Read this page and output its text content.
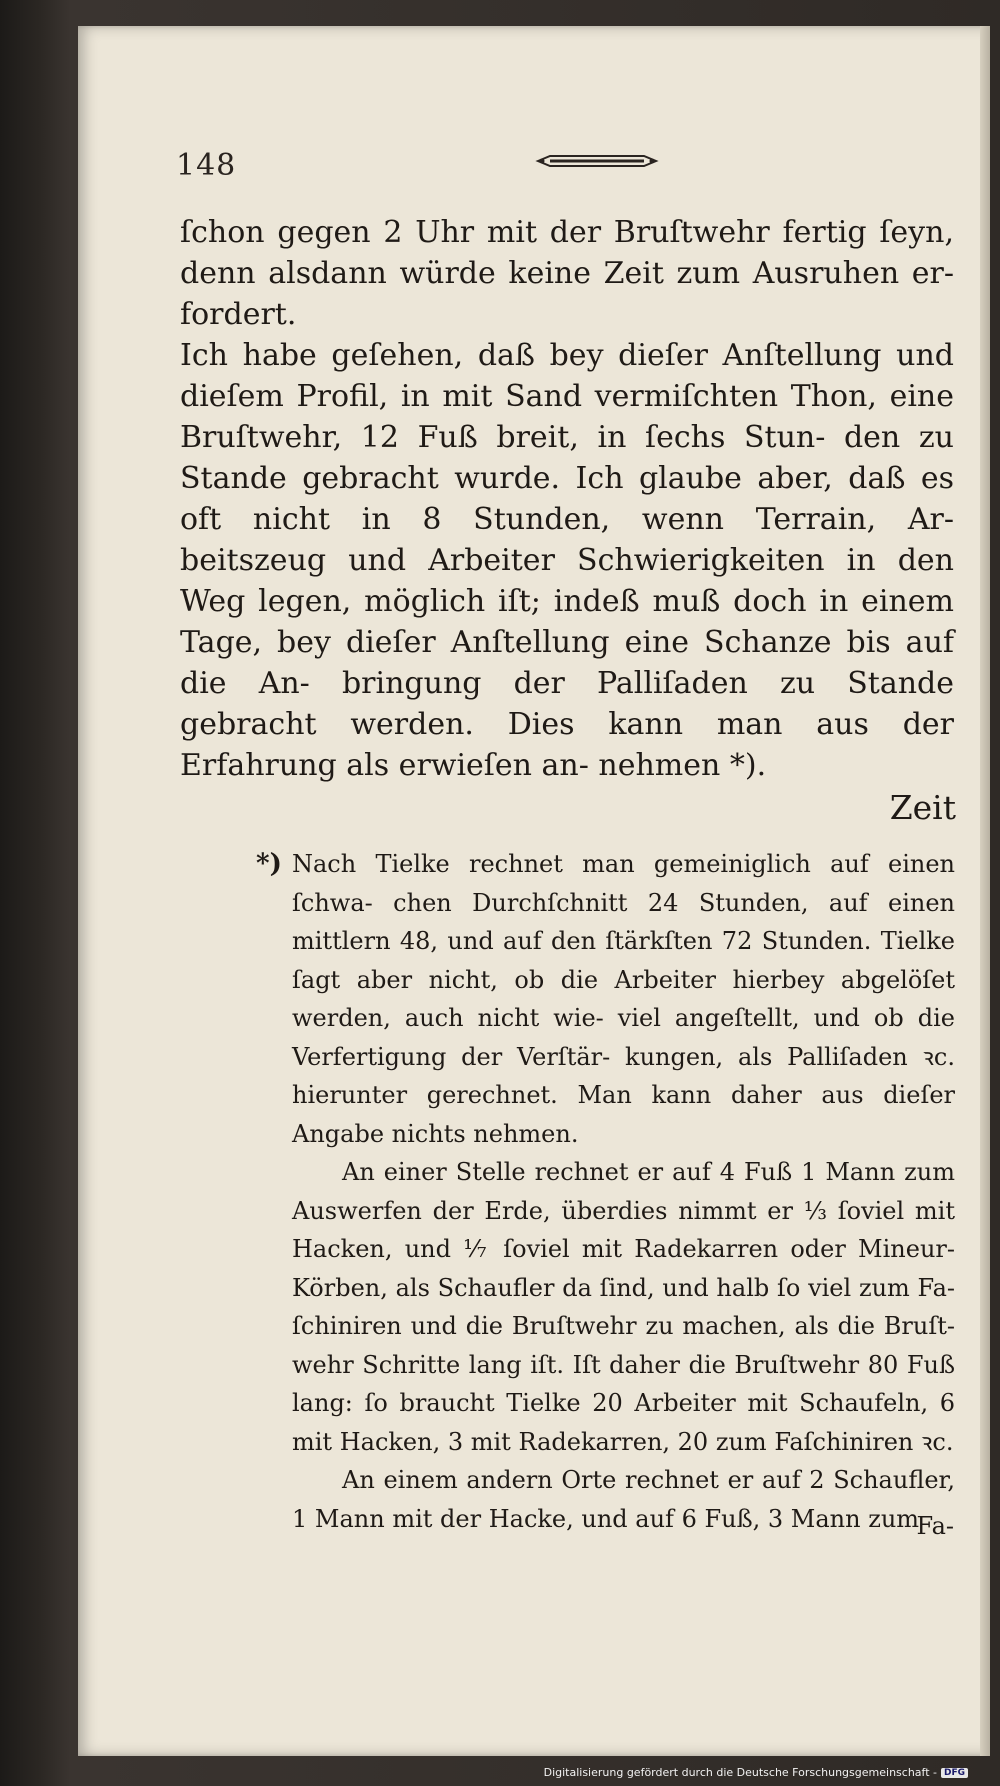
148

ſchon gegen 2 Uhr mit der Bruſtwehr fertig ſeyn, denn alsdann würde keine Zeit zum Ausruhen er‑ fordert.

Ich habe geſehen, daß bey dieſer Anſtellung und dieſem Profil, in mit Sand vermiſchten Thon, eine Bruſtwehr, 12 Fuß breit, in ſechs Stun‑ den zu Stande gebracht wurde. Ich glaube aber, daß es oft nicht in 8 Stunden, wenn Terrain, Ar‑ beitszeug und Arbeiter Schwierigkeiten in den Weg legen, möglich iſt; indeß muß doch in einem Tage, bey dieſer Anſtellung eine Schanze bis auf die An‑ bringung der Palliſaden zu Stande gebracht werden. Dies kann man aus der Erfahrung als erwieſen an‑ nehmen *).

Zeit
*) Nach Tielke rechnet man gemeiniglich auf einen ſchwa‑ chen Durchſchnitt 24 Stunden, auf einen mittlern 48, und auf den ſtärkſten 72 Stunden. Tielke ſagt aber nicht, ob die Arbeiter hierbey abgelöſet werden, auch nicht wie‑ viel angeſtellt, und ob die Verfertigung der Verſtär‑ kungen, als Palliſaden ꝛc. hierunter gerechnet. Man kann daher aus dieſer Angabe nichts nehmen.

An einer Stelle rechnet er auf 4 Fuß 1 Mann zum Auswerfen der Erde, überdies nimmt er ⅓ ſoviel mit Hacken, und ⅐ ſoviel mit Radekarren oder Mineur‑ Körben, als Schaufler da ſind, und halb ſo viel zum Fa‑ ſchiniren und die Bruſtwehr zu machen, als die Bruſt‑ wehr Schritte lang iſt. Iſt daher die Bruſtwehr 80 Fuß lang: ſo braucht Tielke 20 Arbeiter mit Schaufeln, 6 mit Hacken, 3 mit Radekarren, 20 zum Faſchiniren ꝛc.

An einem andern Orte rechnet er auf 2 Schaufler, 1 Mann mit der Hacke, und auf 6 Fuß, 3 Mann zum

Fa‑
Digitalisierung gefördert durch die Deutsche Forschungsgemeinschaft - DFG
